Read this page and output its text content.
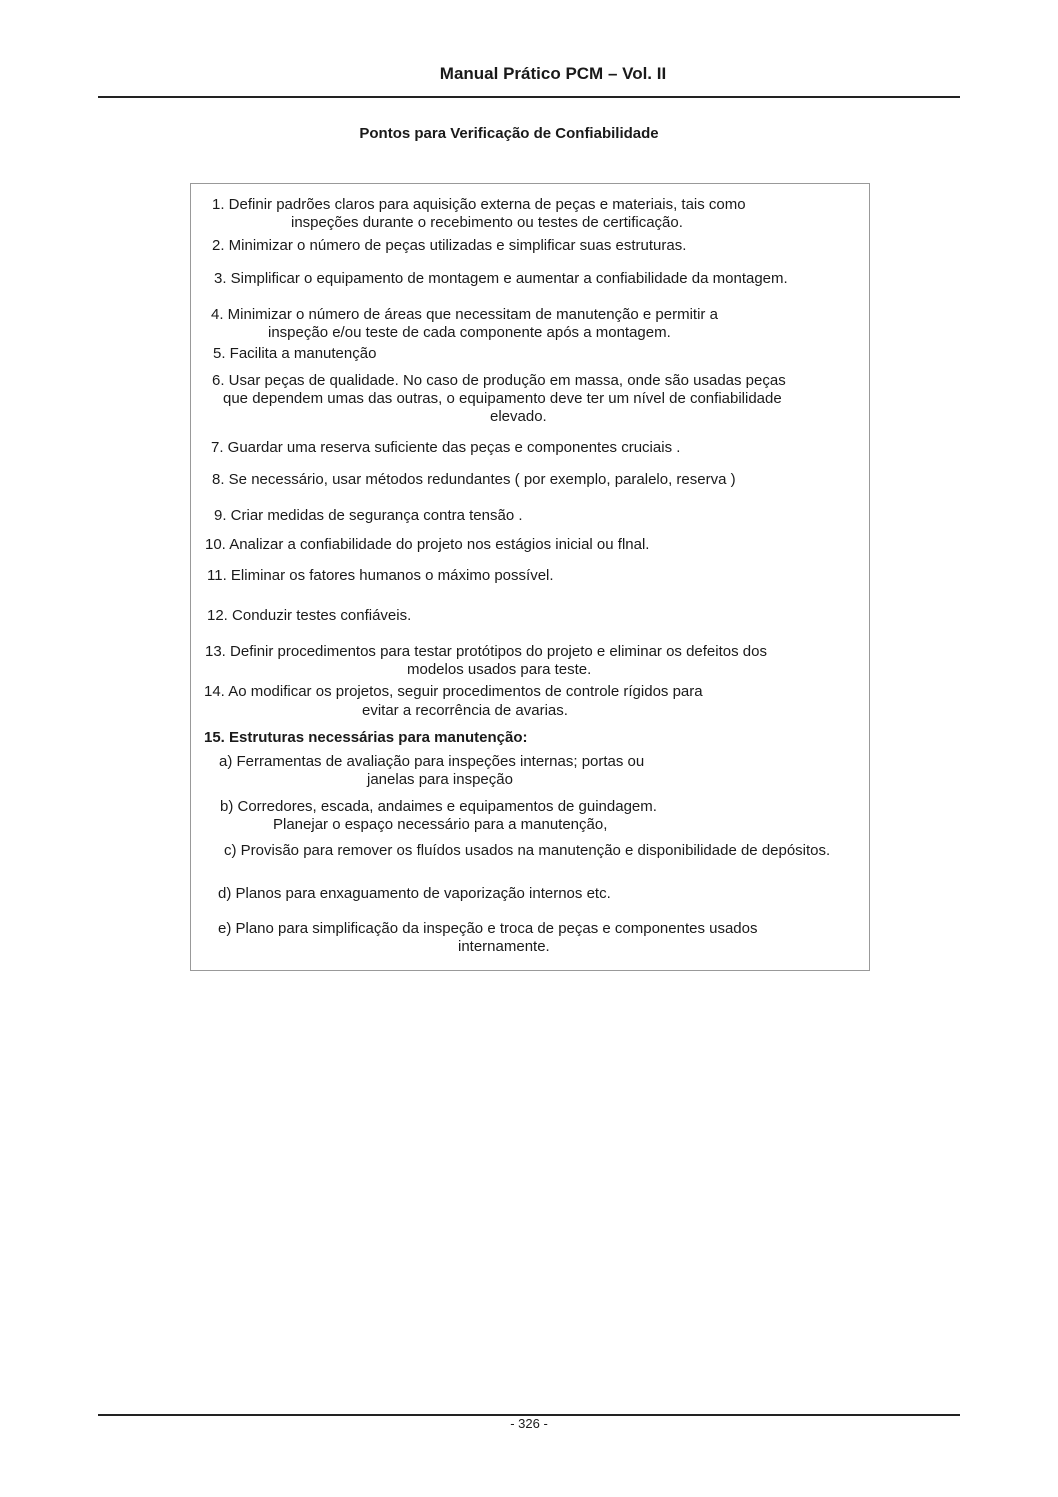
Manual Prático PCM – Vol. II
Pontos para Verificação de Confiabilidade
1. Definir padrões claros para aquisição externa de peças e materiais, tais como
inspeções durante o recebimento ou testes de certificação.
2. Minimizar o número de peças utilizadas e simplificar suas estruturas.
3. Simplificar o equipamento de montagem e aumentar a confiabilidade da montagem.
4. Minimizar o número de áreas que necessitam de manutenção e permitir a
inspeção e/ou teste de cada componente após a montagem.
5. Facilita a manutenção
6. Usar peças de qualidade. No caso de produção em massa, onde são usadas peças
que dependem umas das outras, o equipamento deve ter um nível de confiabilidade
elevado.
7. Guardar uma reserva suficiente das peças e componentes cruciais .
8. Se necessário, usar métodos redundantes ( por exemplo, paralelo, reserva )
9. Criar medidas de segurança contra tensão .
10. Analizar a confiabilidade do projeto nos estágios inicial ou flnal.
11. Eliminar os fatores humanos o máximo possível.
12. Conduzir testes confiáveis.
13. Definir procedimentos para testar protótipos do projeto e eliminar os defeitos dos
modelos usados para teste.
14. Ao modificar os projetos, seguir procedimentos de controle rígidos para
evitar a recorrência de avarias.
15. Estruturas necessárias para manutenção:
a) Ferramentas de avaliação para inspeções internas; portas ou
janelas para inspeção
b) Corredores, escada, andaimes e equipamentos de guindagem.
Planejar o espaço necessário para a manutenção,
c) Provisão para remover os fluídos usados na manutenção e disponibilidade de depósitos.
d) Planos para enxaguamento de vaporização internos etc.
e) Plano para simplificação da inspeção e troca de peças e componentes usados
internamente.
- 326 -
